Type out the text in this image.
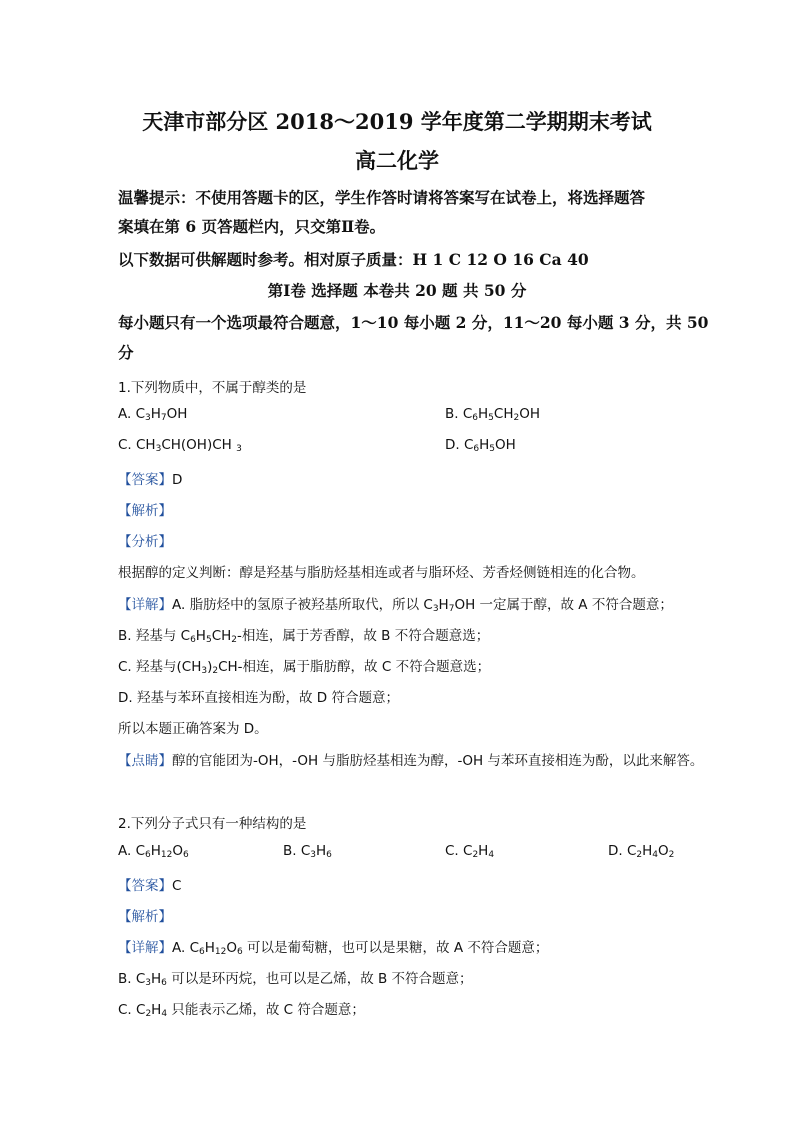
天津市部分区 2018～2019 学年度第二学期期末考试
高二化学
温馨提示：不使用答题卡的区，学生作答时请将答案写在试卷上，将选择题答
案填在第 6 页答题栏内，只交第Ⅱ卷。
以下数据可供解题时参考。相对原子质量：H 1 C 12 O 16 Ca 40
第Ⅰ卷 选择题 本卷共 20 题 共 50 分
每小题只有一个选项最符合题意，1～10 每小题 2 分，11～20 每小题 3 分，共 50
分
1.下列物质中，不属于醇类的是
A. $C_3H_7OH$	B. $C_6H_5CH_2OH$
C. $CH_3CH(OH)CH$ $_3$	D. $C_6H_5OH$
【答案】D
【解析】
【分析】
根据醇的定义判断：醇是羟基与脂肪烃基相连或者与脂环烃、芳香烃侧链相连的化合物。
【详解】A. 脂肪烃中的氢原子被羟基所取代，所以 $C_3H_7OH$ 一定属于醇，故 A 不符合题意；
B. 羟基与 $C_6H_5CH_2-$相连，属于芳香醇，故 B 不符合题意选；
C. 羟基与$(CH_3)_2CH-$相连，属于脂肪醇，故 C 不符合题意选；
D. 羟基与苯环直接相连为酚，故 D 符合题意；
所以本题正确答案为 D。
【点睛】醇的官能团为-OH，-OH 与脂肪烃基相连为醇，-OH 与苯环直接相连为酚，以此来解答。
2.下列分子式只有一种结构的是
A. $C_6H_{12}O_6$	B. $C_3H_6$	C. $C_2H_4$	D. $C_2H_4O_2$
【答案】C
【解析】
【详解】A. $C_6H_{12}O_6$ 可以是葡萄糖，也可以是果糖，故 A 不符合题意；
B. $C_3H_6$ 可以是环丙烷，也可以是乙烯，故 B 不符合题意；
C. $C_2H_4$ 只能表示乙烯，故 C 符合题意；
